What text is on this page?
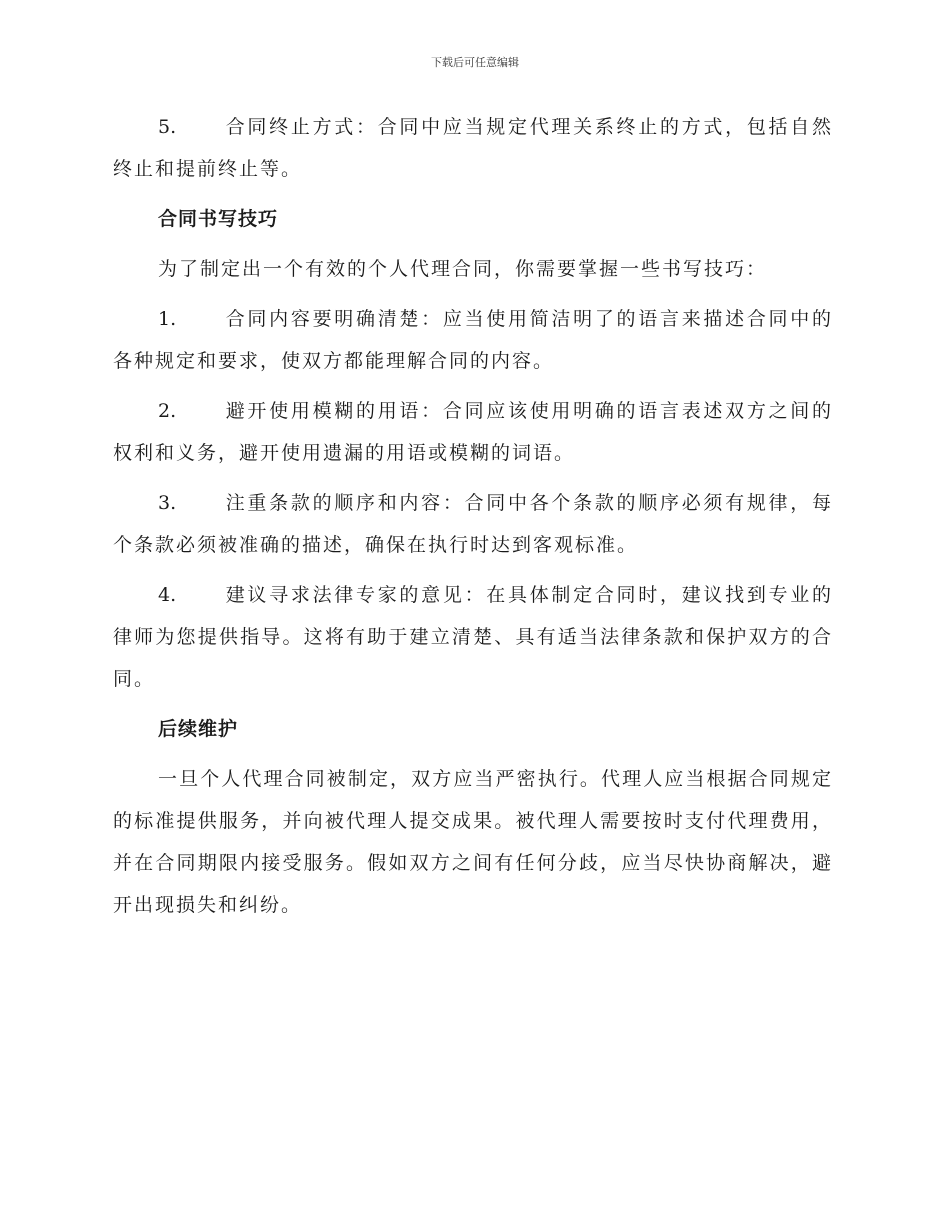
下载后可任意编辑

5.	合同终止方式：合同中应当规定代理关系终止的方式，包括自然终止和提前终止等。

合同书写技巧

为了制定出一个有效的个人代理合同，你需要掌握一些书写技巧：

1.	合同内容要明确清楚：应当使用简洁明了的语言来描述合同中的各种规定和要求，使双方都能理解合同的内容。

2.	避开使用模糊的用语：合同应该使用明确的语言表述双方之间的权利和义务，避开使用遗漏的用语或模糊的词语。

3.	注重条款的顺序和内容：合同中各个条款的顺序必须有规律，每个条款必须被准确的描述，确保在执行时达到客观标准。

4.	建议寻求法律专家的意见：在具体制定合同时，建议找到专业的律师为您提供指导。这将有助于建立清楚、具有适当法律条款和保护双方的合同。

后续维护

一旦个人代理合同被制定，双方应当严密执行。代理人应当根据合同规定的标准提供服务，并向被代理人提交成果。被代理人需要按时支付代理费用，并在合同期限内接受服务。假如双方之间有任何分歧，应当尽快协商解决，避开出现损失和纠纷。
